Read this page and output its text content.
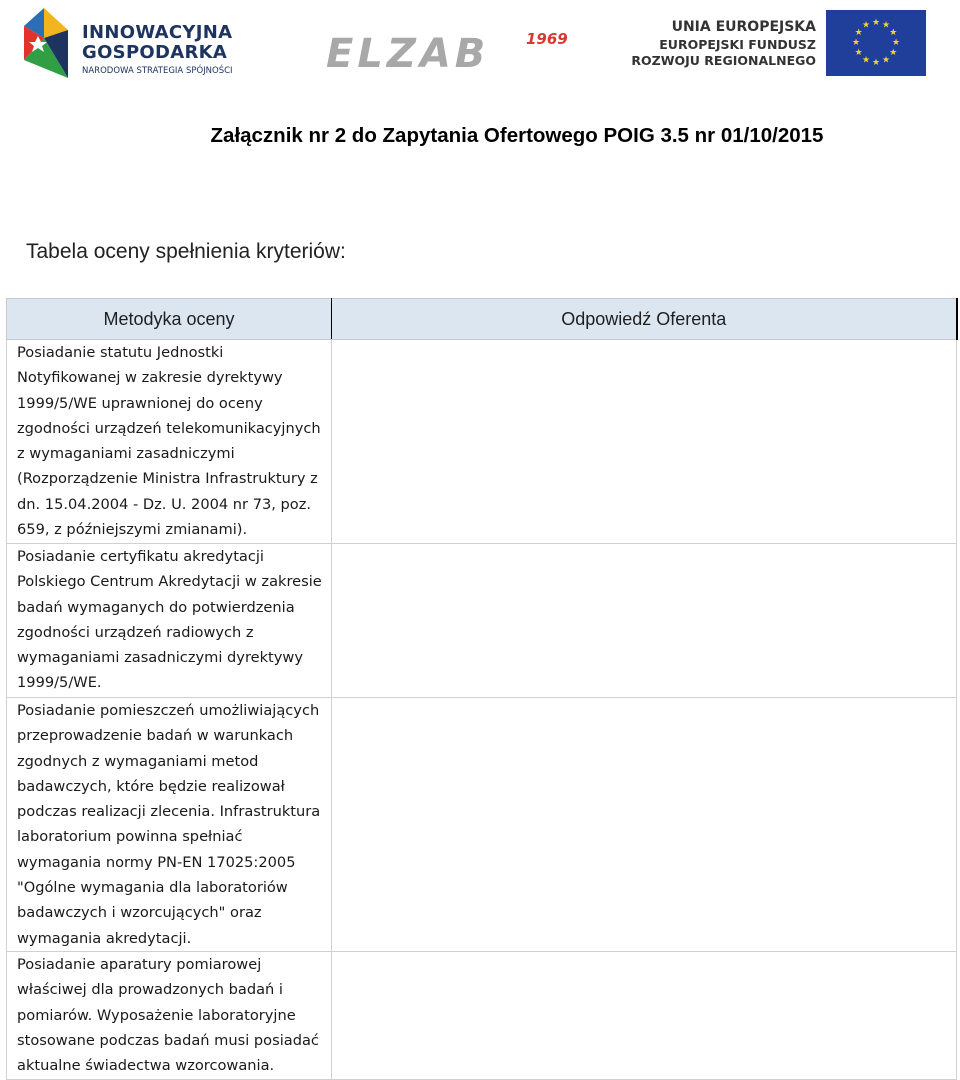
INNOWACYJNA
GOSPODARKA
NARODOWA STRATEGIA SPÓJNOŚCI ELZAB 1969
UNIA EUROPEJSKA
EUROPEJSKI FUNDUSZ
ROZWOJU REGIONALNEGO
★ ★
★
★
★
★
★
★
★
★
★
★
Załącznik nr 2 do Zapytania Ofertowego POIG 3.5 nr 01/10/2015
Tabela oceny spełnienia kryteriów:
Metodyka oceny	Odpowiedź Oferenta
Posiadanie statutu Jednostki Notyfikowanej w zakresie dyrektywy 1999/5/WE uprawnionej do oceny zgodności urządzeń telekomunikacyjnych z wymaganiami zasadniczymi (Rozporządzenie Ministra Infrastruktury z dn. 15.04.2004 - Dz. U. 2004 nr 73, poz. 659, z późniejszymi zmianami).	
Posiadanie certyfikatu akredytacji Polskiego Centrum Akredytacji w zakresie badań wymaganych do potwierdzenia zgodności urządzeń radiowych z wymaganiami zasadniczymi dyrektywy 1999/5/WE.	
Posiadanie pomieszczeń umożliwiających przeprowadzenie badań w warunkach zgodnych z wymaganiami metod badawczych, które będzie realizował podczas realizacji zlecenia. Infrastruktura laboratorium powinna spełniać wymagania normy PN-EN 17025:2005 "Ogólne wymagania dla laboratoriów badawczych i wzorcujących" oraz wymagania akredytacji.	
Posiadanie aparatury pomiarowej właściwej dla prowadzonych badań i pomiarów. Wyposażenie laboratoryjne stosowane podczas badań musi posiadać aktualne świadectwa wzorcowania.	
